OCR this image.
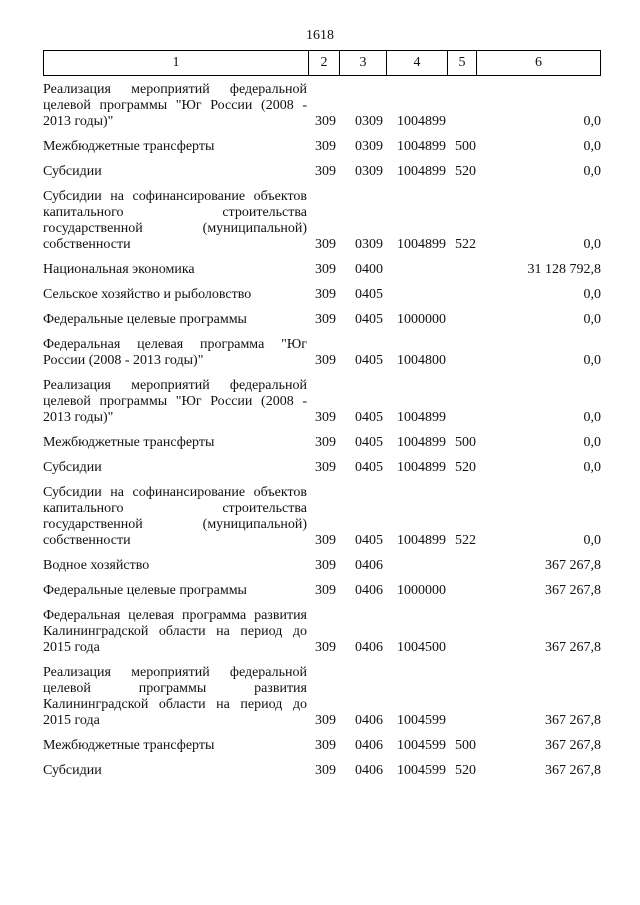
1618
1	2	3	4	5	6
Реализация мероприятий федеральной целевой программы "Юг России (2008 - 2013 годы)"	309	0309	1004899		0,0

Межбюджетные трансферты	309	0309	1004899	500	0,0

Субсидии	309	0309	1004899	520	0,0

Субсидии на софинансирование объектов капитального строительства государственной (муниципальной) собственности	309	0309	1004899	522	0,0

Национальная экономика	309	0400			31 128 792,8

Сельское хозяйство и рыболовство	309	0405			0,0

Федеральные целевые программы	309	0405	1000000		0,0

Федеральная целевая программа "Юг России (2008 - 2013 годы)"	309	0405	1004800		0,0

Реализация мероприятий федеральной целевой программы "Юг России (2008 - 2013 годы)"	309	0405	1004899		0,0

Межбюджетные трансферты	309	0405	1004899	500	0,0

Субсидии	309	0405	1004899	520	0,0

Субсидии на софинансирование объектов капитального строительства государственной (муниципальной) собственности	309	0405	1004899	522	0,0

Водное хозяйство	309	0406			367 267,8

Федеральные целевые программы	309	0406	1000000		367 267,8

Федеральная целевая программа развития Калининградской области на период до 2015 года	309	0406	1004500		367 267,8

Реализация мероприятий федеральной целевой программы развития Калининградской области на период до 2015 года	309	0406	1004599		367 267,8

Межбюджетные трансферты	309	0406	1004599	500	367 267,8

Субсидии	309	0406	1004599	520	367 267,8
